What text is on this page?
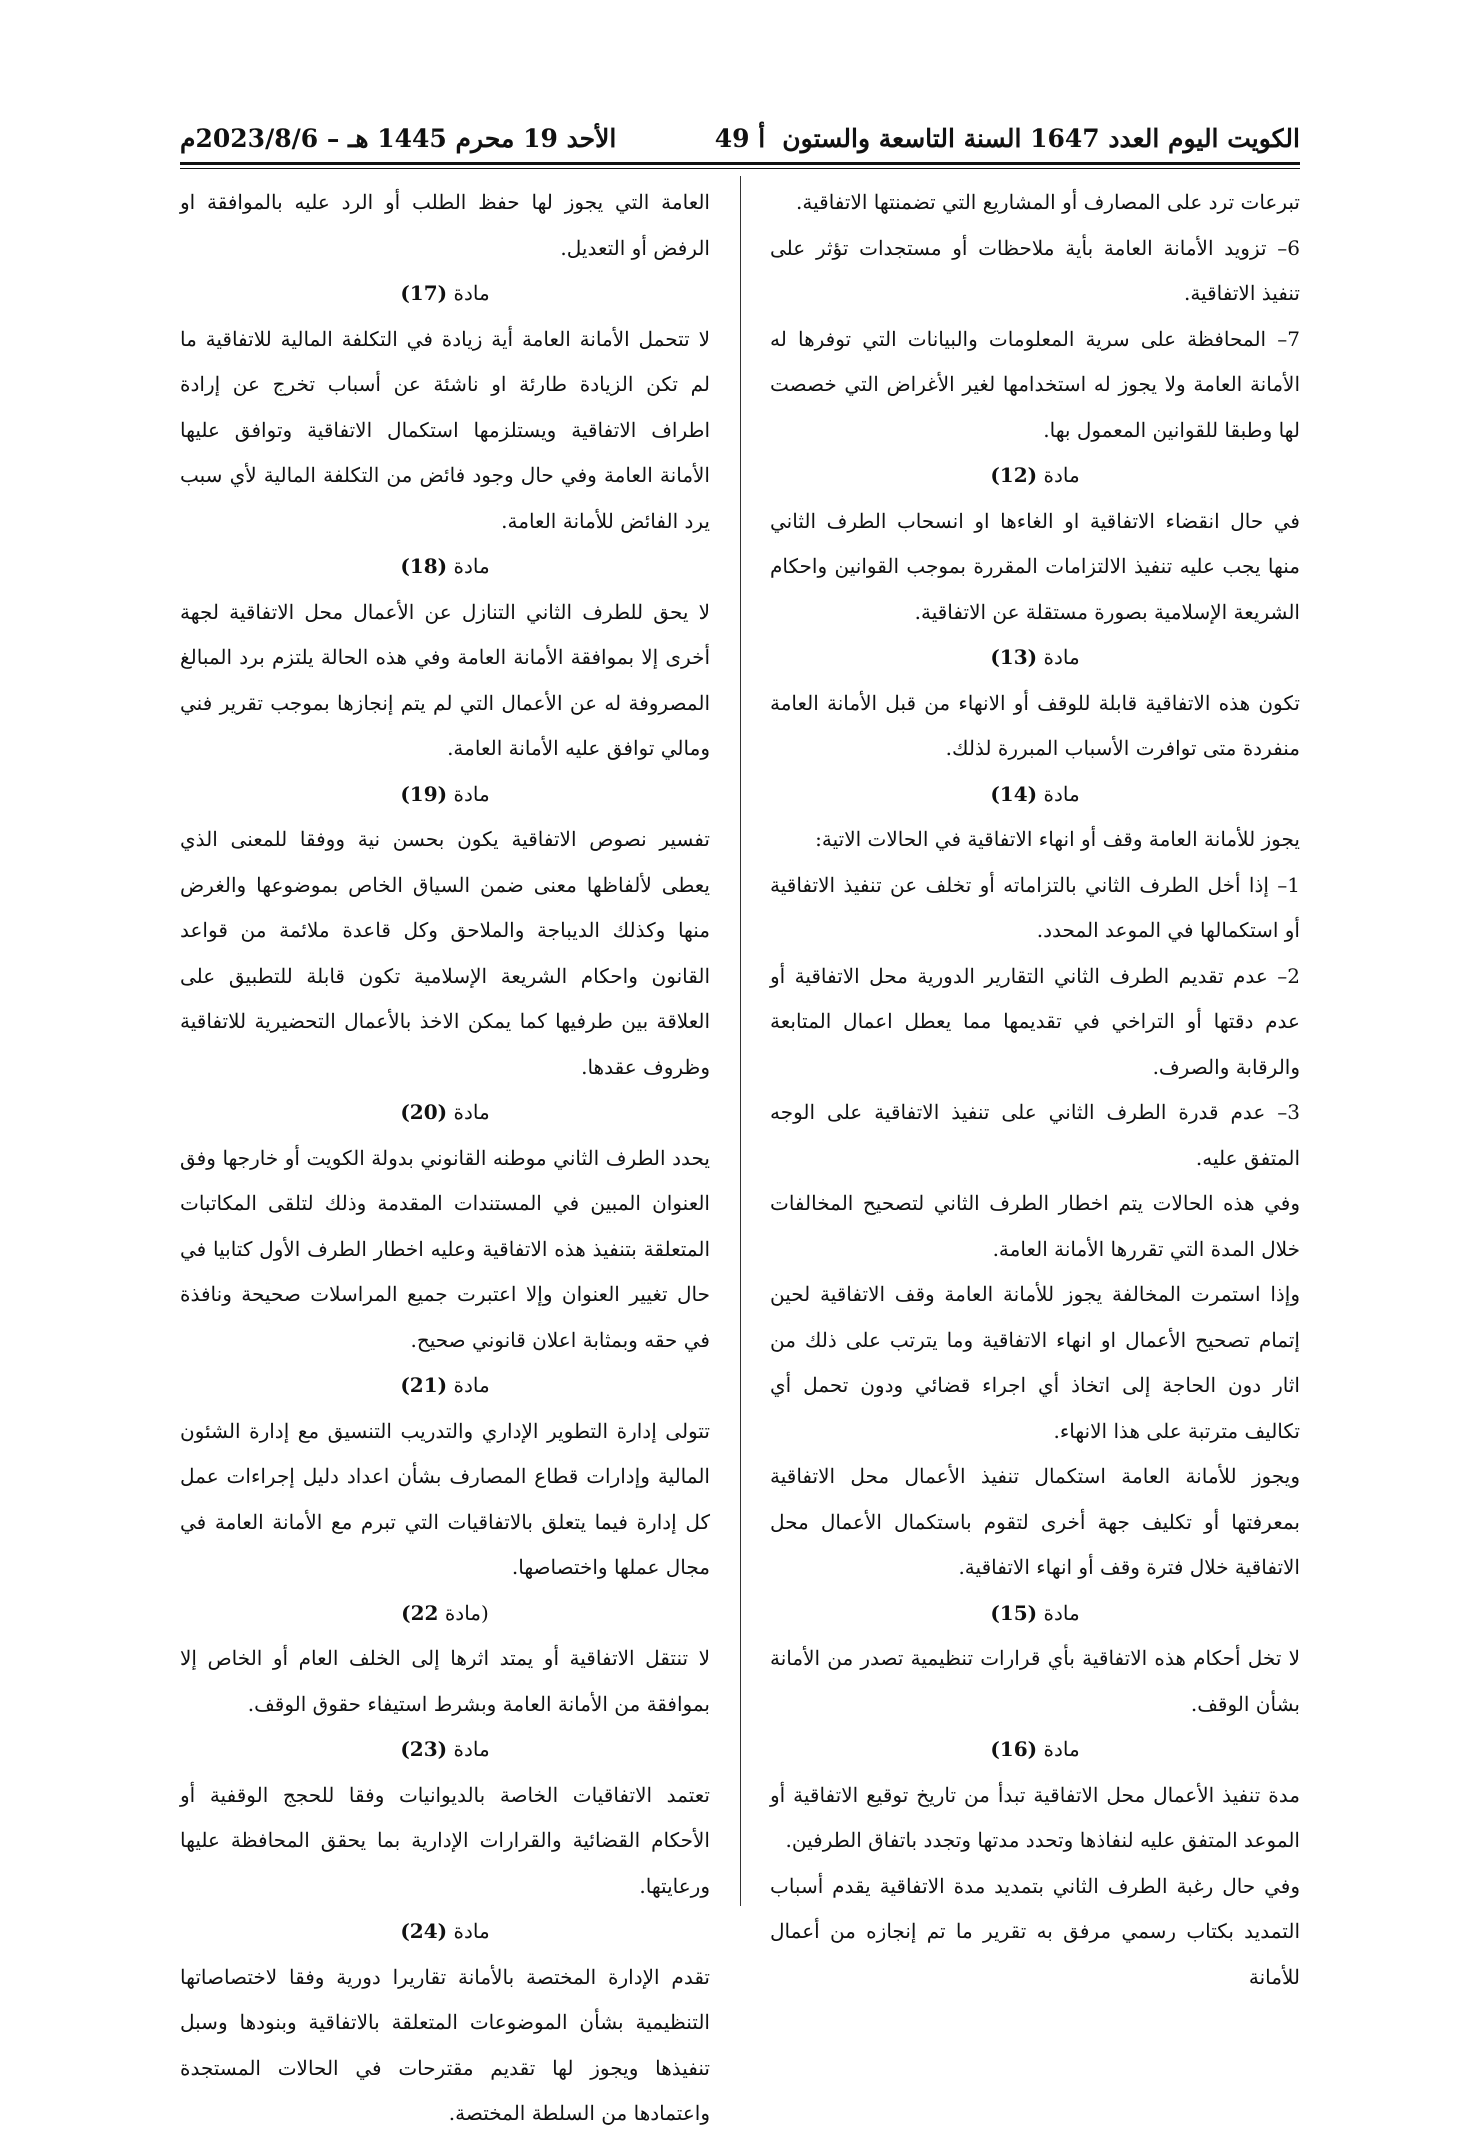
الكويت اليوم العدد 1647 السنة التاسعة والستون
أ 49
الأحد 19 محرم 1445 هـ – 2023/8/6م

تبرعات ترد على المصارف أو المشاريع التي تضمنتها الاتفاقية.

6– تزويد الأمانة العامة بأية ملاحظات أو مستجدات تؤثر على تنفيذ الاتفاقية.

7– المحافظة على سرية المعلومات والبيانات التي توفرها له الأمانة العامة ولا يجوز له استخدامها لغير الأغراض التي خصصت لها وطبقا للقوانين المعمول بها.

مادة (12)

في حال انقضاء الاتفاقية او الغاءها او انسحاب الطرف الثاني منها يجب عليه تنفيذ الالتزامات المقررة بموجب القوانين واحكام الشريعة الإسلامية بصورة مستقلة عن الاتفاقية.

مادة (13)

تكون هذه الاتفاقية قابلة للوقف أو الانهاء من قبل الأمانة العامة منفردة متى توافرت الأسباب المبررة لذلك.

مادة (14)

يجوز للأمانة العامة وقف أو انهاء الاتفاقية في الحالات الاتية:

1– إذا أخل الطرف الثاني بالتزاماته أو تخلف عن تنفيذ الاتفاقية أو استكمالها في الموعد المحدد.

2– عدم تقديم الطرف الثاني التقارير الدورية محل الاتفاقية أو عدم دقتها أو التراخي في تقديمها مما يعطل اعمال المتابعة والرقابة والصرف.

3– عدم قدرة الطرف الثاني على تنفيذ الاتفاقية على الوجه المتفق عليه.

وفي هذه الحالات يتم اخطار الطرف الثاني لتصحيح المخالفات خلال المدة التي تقررها الأمانة العامة.

وإذا استمرت المخالفة يجوز للأمانة العامة وقف الاتفاقية لحين إتمام تصحيح الأعمال او انهاء الاتفاقية وما يترتب على ذلك من اثار دون الحاجة إلى اتخاذ أي اجراء قضائي ودون تحمل أي تكاليف مترتبة على هذا الانهاء.

ويجوز للأمانة العامة استكمال تنفيذ الأعمال محل الاتفاقية بمعرفتها أو تكليف جهة أخرى لتقوم باستكمال الأعمال محل الاتفاقية خلال فترة وقف أو انهاء الاتفاقية.

مادة (15)

لا تخل أحكام هذه الاتفاقية بأي قرارات تنظيمية تصدر من الأمانة بشأن الوقف.

مادة (16)

مدة تنفيذ الأعمال محل الاتفاقية تبدأ من تاريخ توقيع الاتفاقية أو الموعد المتفق عليه لنفاذها وتحدد مدتها وتجدد باتفاق الطرفين.

وفي حال رغبة الطرف الثاني بتمديد مدة الاتفاقية يقدم أسباب التمديد بكتاب رسمي مرفق به تقرير ما تم إنجازه من أعمال للأمانة

العامة التي يجوز لها حفظ الطلب أو الرد عليه بالموافقة او الرفض أو التعديل.

مادة (17)

لا تتحمل الأمانة العامة أية زيادة في التكلفة المالية للاتفاقية ما لم تكن الزيادة طارئة او ناشئة عن أسباب تخرج عن إرادة اطراف الاتفاقية ويستلزمها استكمال الاتفاقية وتوافق عليها الأمانة العامة وفي حال وجود فائض من التكلفة المالية لأي سبب يرد الفائض للأمانة العامة.

مادة (18)

لا يحق للطرف الثاني التنازل عن الأعمال محل الاتفاقية لجهة أخرى إلا بموافقة الأمانة العامة وفي هذه الحالة يلتزم برد المبالغ المصروفة له عن الأعمال التي لم يتم إنجازها بموجب تقرير فني ومالي توافق عليه الأمانة العامة.

مادة (19)

تفسير نصوص الاتفاقية يكون بحسن نية ووفقا للمعنى الذي يعطى لألفاظها معنى ضمن السياق الخاص بموضوعها والغرض منها وكذلك الديباجة والملاحق وكل قاعدة ملائمة من قواعد القانون واحكام الشريعة الإسلامية تكون قابلة للتطبيق على العلاقة بين طرفيها كما يمكن الاخذ بالأعمال التحضيرية للاتفاقية وظروف عقدها.

مادة (20)

يحدد الطرف الثاني موطنه القانوني بدولة الكويت أو خارجها وفق العنوان المبين في المستندات المقدمة وذلك لتلقى المكاتبات المتعلقة بتنفيذ هذه الاتفاقية وعليه اخطار الطرف الأول كتابيا في حال تغيير العنوان وإلا اعتبرت جميع المراسلات صحيحة ونافذة في حقه وبمثابة اعلان قانوني صحيح.

مادة (21)

تتولى إدارة التطوير الإداري والتدريب التنسيق مع إدارة الشئون المالية وإدارات قطاع المصارف بشأن اعداد دليل إجراءات عمل كل إدارة فيما يتعلق بالاتفاقيات التي تبرم مع الأمانة العامة في مجال عملها واختصاصها.

(مادة 22)

لا تنتقل الاتفاقية أو يمتد اثرها إلى الخلف العام أو الخاص إلا بموافقة من الأمانة العامة وبشرط استيفاء حقوق الوقف.

مادة (23)

تعتمد الاتفاقيات الخاصة بالديوانيات وفقا للحجج الوقفية أو الأحكام القضائية والقرارات الإدارية بما يحقق المحافظة عليها ورعايتها.

مادة (24)

تقدم الإدارة المختصة بالأمانة تقاريرا دورية وفقا لاختصاصاتها التنظيمية بشأن الموضوعات المتعلقة بالاتفاقية وبنودها وسبل تنفيذها ويجوز لها تقديم مقترحات في الحالات المستجدة واعتمادها من السلطة المختصة.
